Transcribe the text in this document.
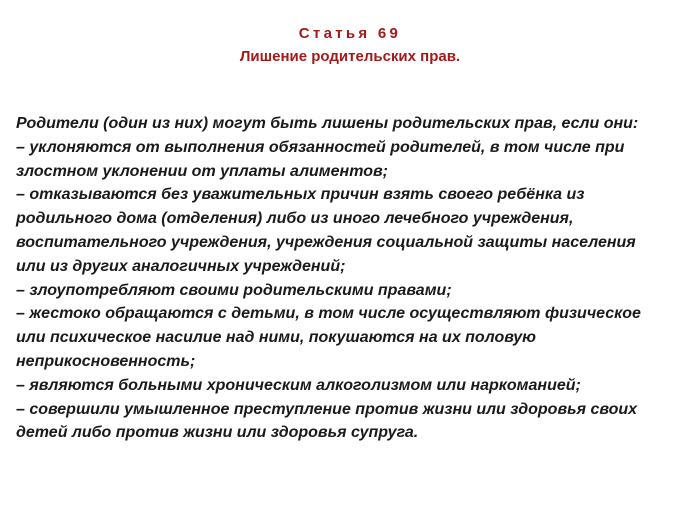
Статья 69
Лишение родительских прав.
Родители (один из них) могут быть лишены родительских прав, если они:
– уклоняются от выполнения обязанностей родителей, в том числе при
злостном уклонении от уплаты алиментов;
– отказываются без уважительных причин взять своего ребёнка из
родильного дома (отделения) либо из иного лечебного учреждения,
воспитательного учреждения, учреждения социальной защиты населения
или из других аналогичных учреждений;
– злоупотребляют своими родительскими правами;
– жестоко обращаются с детьми, в том числе осуществляют физическое
или психическое насилие над ними, покушаются на их половую
неприкосновенность;
– являются больными хроническим алкоголизмом или наркоманией;
– совершили умышленное преступление против жизни или здоровья своих
детей либо против жизни или здоровья супруга.
